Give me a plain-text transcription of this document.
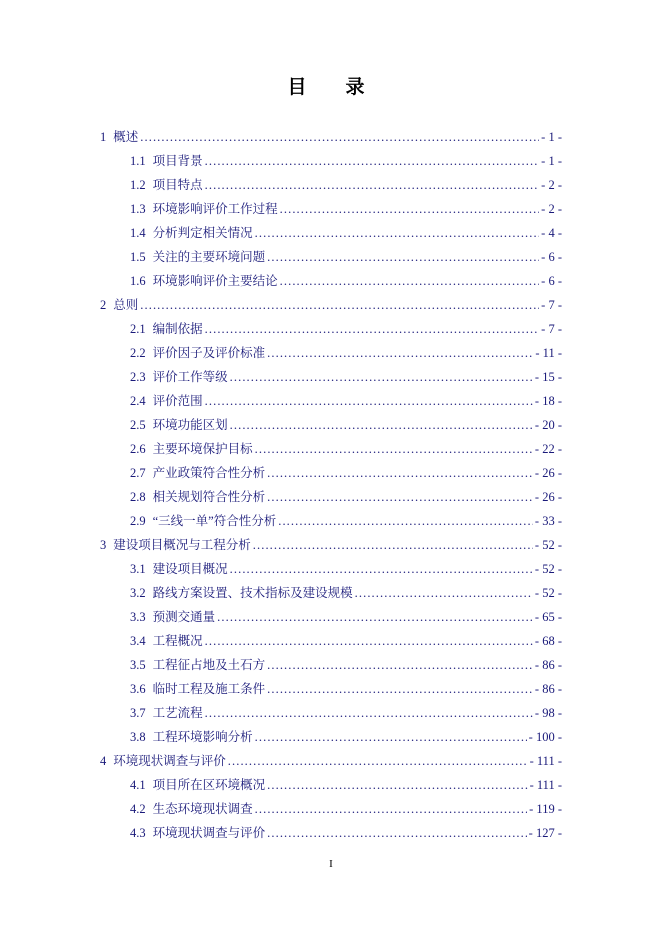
目　录
1 概述 .....	- 1 -
1.1 项目背景 .....	- 1 -
1.2 项目特点 .....	- 2 -
1.3 环境影响评价工作过程 .....	- 2 -
1.4 分析判定相关情况 .....	- 4 -
1.5 关注的主要环境问题 .....	- 6 -
1.6 环境影响评价主要结论 .....	- 6 -
2 总则 .....	- 7 -
2.1 编制依据 .....	- 7 -
2.2 评价因子及评价标准 .....	- 11 -
2.3 评价工作等级 .....	- 15 -
2.4 评价范围 .....	- 18 -
2.5 环境功能区划 .....	- 20 -
2.6 主要环境保护目标 .....	- 22 -
2.7 产业政策符合性分析 .....	- 26 -
2.8 相关规划符合性分析 .....	- 26 -
2.9 “三线一单”符合性分析 .....	- 33 -
3 建设项目概况与工程分析 .....	- 52 -
3.1 建设项目概况 .....	- 52 -
3.2 路线方案设置、技术指标及建设规模 .....	- 52 -
3.3 预测交通量 .....	- 65 -
3.4 工程概况 .....	- 68 -
3.5 工程征占地及土石方 .....	- 86 -
3.6 临时工程及施工条件 .....	- 86 -
3.7 工艺流程 .....	- 98 -
3.8 工程环境影响分析 .....	- 100 -
4 环境现状调查与评价 .....	- 111 -
4.1 项目所在区环境概况 .....	- 111 -
4.2 生态环境现状调查 .....	- 119 -
4.3 环境现状调查与评价 .....	- 127 -
I
